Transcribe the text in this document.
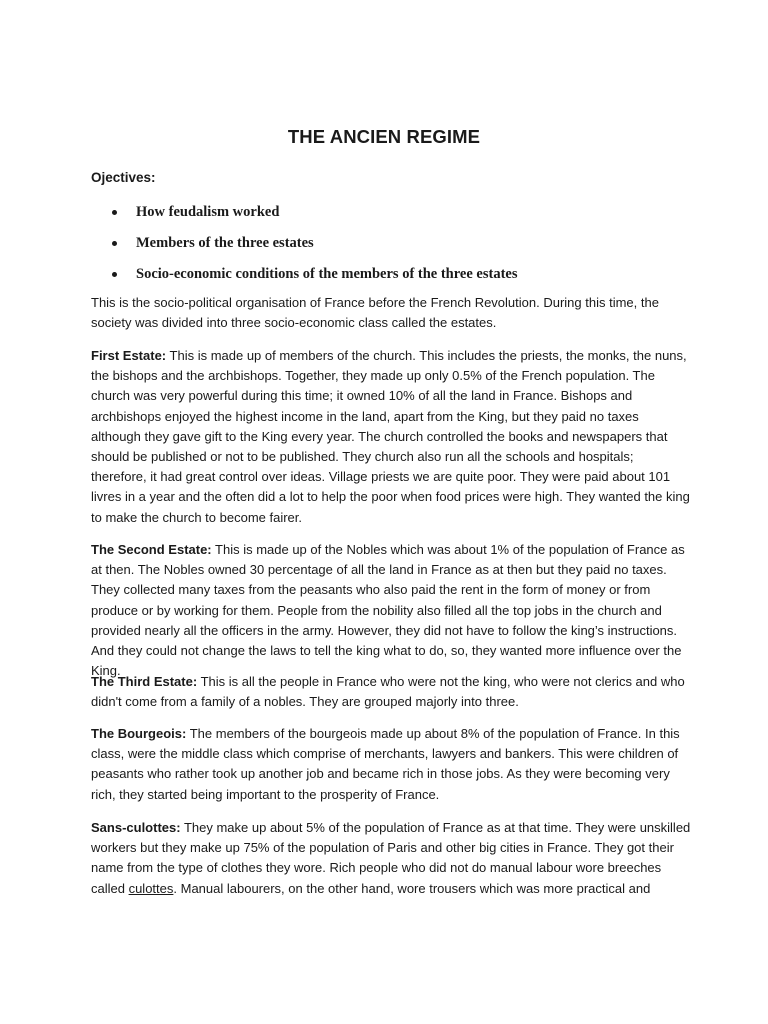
THE ANCIEN REGIME

Ojectives:

How feudalism worked
Members of the three estates
Socio-economic conditions of the members of the three estates

This is the socio-political organisation of France before the French Revolution. During this time, the society was divided into three socio-economic class called the estates.

First Estate: This is made up of members of the church. This includes the priests, the monks, the nuns, the bishops and the archbishops. Together, they made up only 0.5% of the French population. The church was very powerful during this time; it owned 10% of all the land in France. Bishops and archbishops enjoyed the highest income in the land, apart from the King, but they paid no taxes although they gave gift to the King every year. The church controlled the books and newspapers that should be published or not to be published. They church also run all the schools and hospitals; therefore, it had great control over ideas. Village priests we are quite poor. They were paid about 101 livres in a year and the often did a lot to help the poor when food prices were high. They wanted the king to make the church to become fairer.

The Second Estate: This is made up of the Nobles which was about 1% of the population of France as at then. The Nobles owned 30 percentage of all the land in France as at then but they paid no taxes. They collected many taxes from the peasants who also paid the rent in the form of money or from produce or by working for them. People from the nobility also filled all the top jobs in the church and provided nearly all the officers in the army. However, they did not have to follow the king’s instructions. And they could not change the laws to tell the king what to do, so, they wanted more influence over the King.

The Third Estate: This is all the people in France who were not the king, who were not clerics and who didn't come from a family of a nobles. They are grouped majorly into three.

The Bourgeois: The members of the bourgeois made up about 8% of the population of France. In this class, were the middle class which comprise of merchants, lawyers and bankers. This were children of peasants who rather took up another job and became rich in those jobs. As they were becoming very rich, they started being important to the prosperity of France.

Sans-culottes: They make up about 5% of the population of France as at that time. They were unskilled workers but they make up 75% of the population of Paris and other big cities in France. They got their name from the type of clothes they wore. Rich people who did not do manual labour wore breeches called culottes. Manual labourers, on the other hand, wore trousers which was more practical and
